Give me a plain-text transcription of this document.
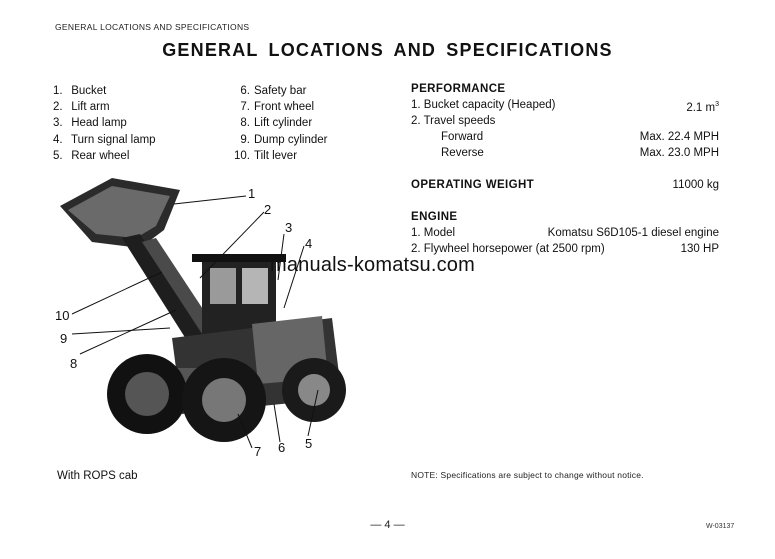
GENERAL LOCATIONS AND SPECIFICATIONS
GENERAL LOCATIONS AND SPECIFICATIONS
1. Bucket
2. Lift arm
3. Head lamp
4. Turn signal lamp
5. Rear wheel
6. Safety bar
7. Front wheel
8. Lift cylinder
9. Dump cylinder
10. Tilt lever
PERFORMANCE
1. Bucket capacity (Heaped)	2.1 $m^3$
2. Travel speeds
Forward	Max. 22.4 MPH
Reverse	Max. 23.0 MPH
OPERATING WEIGHT	11000 kg
ENGINE
1. Model	Komatsu S6D105-1 diesel engine
2. Flywheel horsepower (at 2500 rpm)	130 HP
1
2
3
4
5
6
7
8
9
10
manuals-komatsu.com
With ROPS cab	NOTE: Specifications are subject to change without notice.
— 4 —	W-03137
